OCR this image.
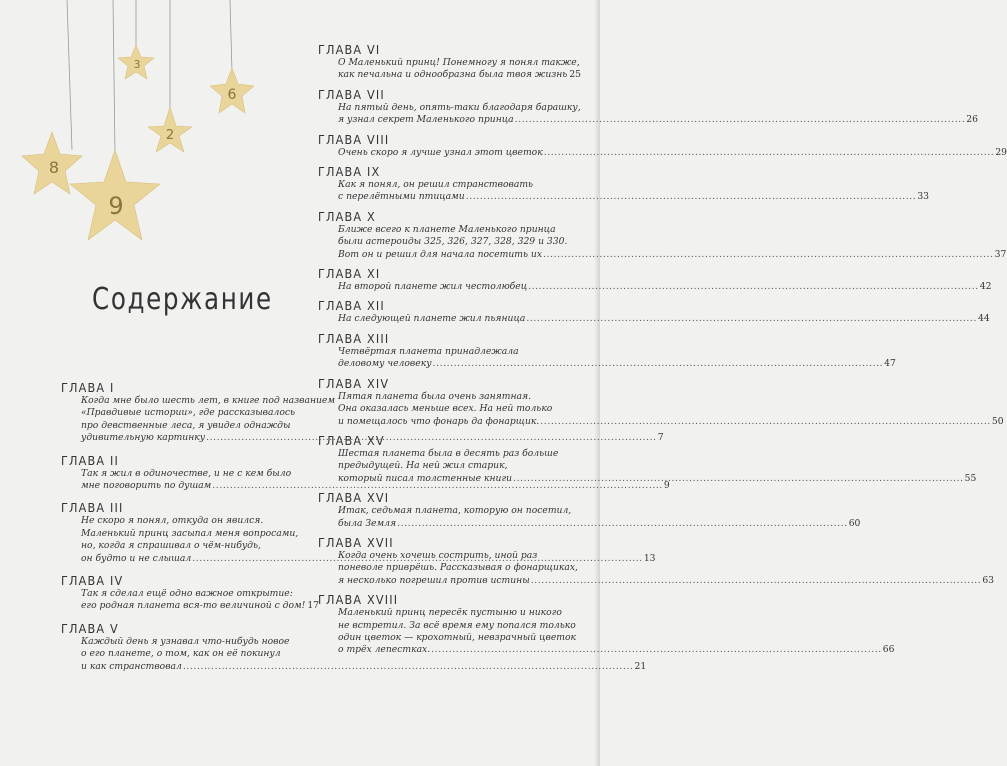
3
6
2
8
9
Содержание
ГЛАВА I
Когда мне было шесть лет, в книге под названием
«Правдивые истории», где рассказывалось
про девственные леса, я увидел однажды
удивительную картинку .....	7
ГЛАВА II
Так я жил в одиночестве, и не с кем было
мне поговорить по душам .....	9
ГЛАВА III
Не скоро я понял, откуда он явился.
Маленький принц засыпал меня вопросами,
но, когда я спрашивал о чём-нибудь,
он будто и не слышал .....	13
ГЛАВА IV
Так я сделал ещё одно важное открытие:
его родная планета вся-то величиной с дом! 17
ГЛАВА V
Каждый день я узнавал что-нибудь новое
о его планете, о том, как он её покинул
и как странствовал .....	21
ГЛАВА VI
О Маленький принц! Понемногу я понял также,
как печальна и однообразна была твоя жизнь 25
ГЛАВА VII
На пятый день, опять-таки благодаря барашку,
я узнал секрет Маленького принца .....	26
ГЛАВА VIII
Очень скоро я лучше узнал этот цветок .....	29
ГЛАВА IX
Как я понял, он решил странствовать
с перелётными птицами .....	33
ГЛАВА X
Ближе всего к планете Маленького принца
были астероиды 325, 326, 327, 328, 329 и 330.
Вот он и решил для начала посетить их .....	37
ГЛАВА XI
На второй планете жил честолюбец .....	42
ГЛАВА XII
На следующей планете жил пьяница .....	44
ГЛАВА XIII
Четвёртая планета принадлежала
деловому человеку .....	47
ГЛАВА XIV
Пятая планета была очень занятная.
Она оказалась меньше всех. На ней только
и помещалось что фонарь да фонарщик. .....	50
ГЛАВА XV
Шестая планета была в десять раз больше
предыдущей. На ней жил старик,
который писал толстенные книги .....	55
ГЛАВА XVI
Итак, седьмая планета, которую он посетил,
была Земля .....	60
ГЛАВА XVII
Когда очень хочешь сострить, иной раз
поневоле приврёшь. Рассказывая о фонарщиках,
я несколько погрешил против истины .....	63
ГЛАВА XVIII
Маленький принц пересёк пустыню и никого
не встретил. За всё время ему попался только
один цветок — крохотный, невзрачный цветок
о трёх лепестках. .....	66
